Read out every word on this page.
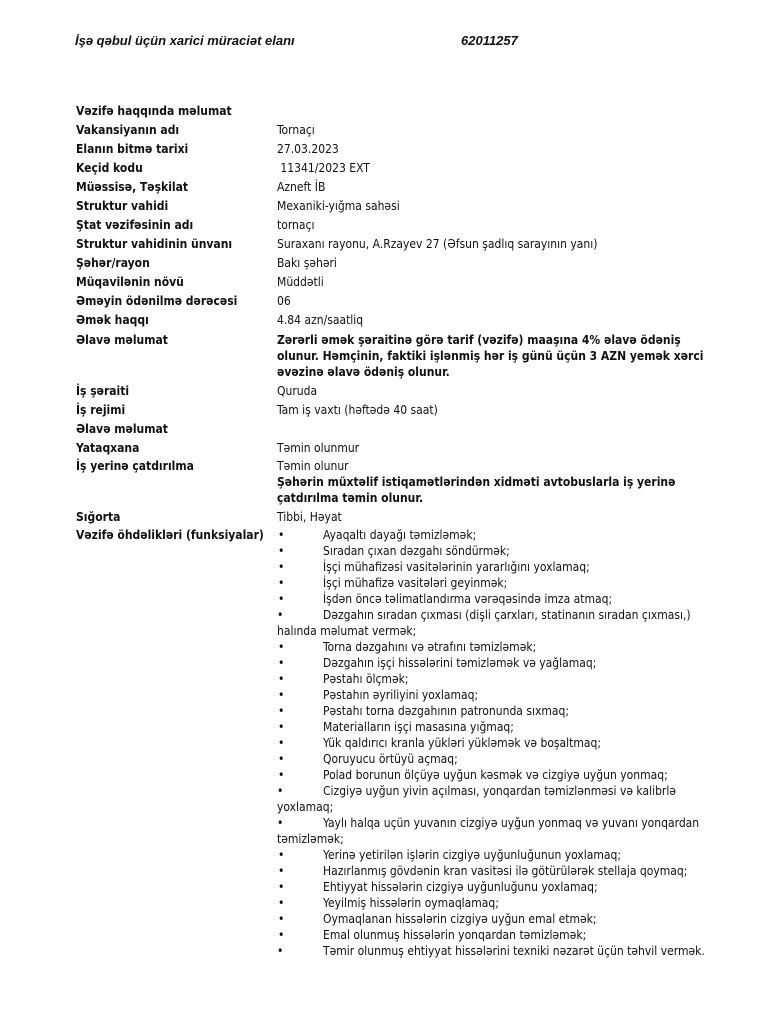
İşə qəbul üçün xarici müraciət elanı	62011257
Vəzifə haqqında məlumat
Vakansiyanın adı	Tornaçı
Elanın bitmə tarixi	27.03.2023
Keçid kodu	11341/2023 EXT
Müəssisə, Təşkilat	Azneft İB
Struktur vahidi	Mexaniki-yığma sahəsi
Ştat vəzifəsinin adı	tornaçı
Struktur vahidinin ünvanı	Suraxanı rayonu, A.Rzayev 27 (Əfsun şadlıq sarayının yanı)
Şəhər/rayon	Bakı şəhəri
Müqavilənin növü	Müddətli
Əməyin ödənilmə dərəcəsi	06
Əmək haqqı	4.84 azn/saatliq
Əlavə məlumat	Zərərli əmək şəraitinə görə tarif (vəzifə) maaşına 4% əlavə ödəniş olunur. Həmçinin, faktiki işlənmiş hər iş günü üçün 3 AZN yemək xərci əvəzinə əlavə ödəniş olunur.
İş şəraiti	Quruda
İş rejimi	Tam iş vaxtı (həftədə 40 saat)
Əlavə məlumat
Yataqxana	Təmin olunmur
İş yerinə çatdırılma	Təmin olunur
Şəhərin müxtəlif istiqamətlərindən xidməti avtobuslarla iş yerinə çatdırılma təmin olunur.
Sığorta	Tibbi, Həyat
Vəzifə öhdəlikləri (funksiyalar)	•	Ayaqaltı dayağı təmizləmək;
•	Sıradan çıxan dəzgahı söndürmək;
•	İşçi mühafizəsi vasitələrinin yararlığını yoxlamaq;
•	İşçi mühafizə vasitələri geyinmək;
•	İşdən öncə təlimatlandırma vərəqəsində imza atmaq;
•	Dəzgahın sıradan çıxması (dişli çarxları, statinanın sıradan çıxması,) halında məlumat vermək;
•	Torna dəzgahını və ətrafını təmizləmək;
•	Dəzgahın işçi hissələrini təmizləmək və yağlamaq;
•	Pəstahı ölçmək;
•	Pəstahın əyriliyini yoxlamaq;
•	Pəstahı torna dəzgahının patronunda sıxmaq;
•	Materialların işçi masasına yığmaq;
•	Yük qaldırıcı kranla yükləri yükləmək və boşaltmaq;
•	Qoruyucu örtüyü açmaq;
•	Polad borunun ölçüyə uyğun kəsmək və cizgiyə uyğun yonmaq;
•	Cizgiyə uyğun yivin açılması, yonqardan təmizlənməsi və kalibrlə yoxlamaq;
•	Yaylı halqa uçün yuvanın cizgiyə uyğun yonmaq və yuvanı yonqardan təmizləmək;
•	Yerinə yetirilən işlərin cizgiyə uyğunluğunun yoxlamaq;
•	Hazırlanmış gövdənin kran vasitəsi ilə götürülərək stellaja qoymaq;
•	Ehtiyyat hissələrin cizgiyə uyğunluğunu yoxlamaq;
•	Yeyilmiş hissələrin oymaqlamaq;
•	Oymaqlanan hissələrin cizgiyə uyğun emal etmək;
•	Emal olunmuş hissələrin yonqardan təmizləmək;
•	Təmir olunmuş ehtiyyat hissələrini texniki nəzarət üçün təhvil vermək.
